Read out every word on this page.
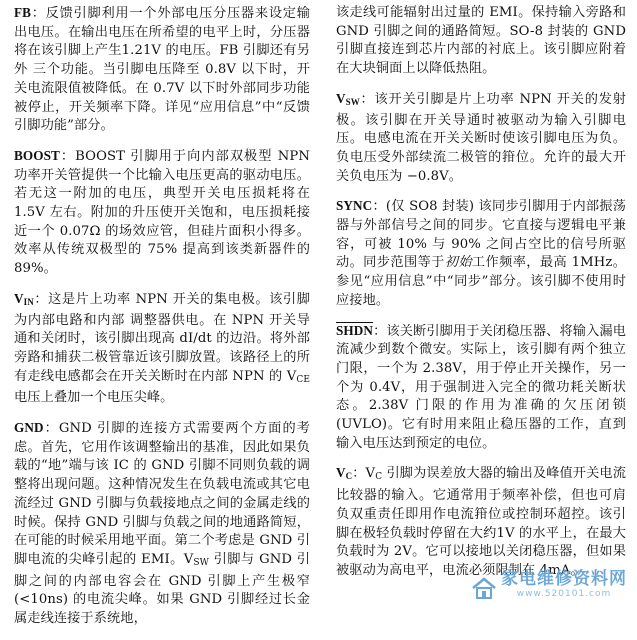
FB：反馈引脚利用一个外部电压分压器来设定输出电压。在输出电压在所希望的电平上时，分压器将在该引脚上产生1.21V 的电压。FB 引脚还有另外 三个功能。当引脚电压降至 0.8V 以下时，开关电流限值被降低。在 0.7V 以下时外部同步功能被停止，开关频率下降。详见“应用信息”中“反馈引脚功能”部分。

BOOST：BOOST 引脚用于向内部双极型 NPN 功率开关管提供一个比输入电压更高的驱动电压。若无这一附加的电压，典型开关电压损耗将在1.5V 左右。附加的升压使开关饱和，电压损耗接近一个 0.07Ω 的场效应管，但硅片面积小得多。效率从传统双极型的 75% 提高到该类新器件的 89%。

$V_{IN}$：这是片上功率 NPN 开关的集电极。该引脚为内部电路和内部 调整器供电。在 NPN 开关导通和关闭时，该引脚出现高 dI/dt 的边沿。将外部旁路和捕获二极管靠近该引脚放置。该路径上的所有走线电感都会在开关关断时在内部 NPN 的 $V_{CE}$ 电压上叠加一个电压尖峰。

GND：GND 引脚的连接方式需要两个方面的考虑。首先，它用作该调整输出的基准，因此如果负载的“地”端与该 IC 的 GND 引脚不同则负载的调整将出现问题。这种情况发生在负载电流或其它电流经过 GND 引脚与负载接地点之间的金属走线的时候。保持 GND 引脚与负载之间的地通路简短，在可能的时候采用地平面。第二个考虑是 GND 引脚电流的尖峰引起的 EMI。$V_{SW}$ 引脚与 GND 引脚之间的内部电容会在 GND 引脚上产生极窄 (<10ns) 的电流尖峰。如果 GND 引脚经过长金属走线连接于系统地，

该走线可能辐射出过量的 EMI。保持输入旁路和 GND 引脚之间的通路简短。SO-8 封装的 GND 引脚直接连到芯片内部的衬底上。该引脚应附着在大块铜面上以降低热阻。

$V_{SW}$：该开关引脚是片上功率 NPN 开关的发射极。该引脚在开关导通时被驱动为输入引脚电压。电感电流在开关关断时使该引脚电压为负。负电压受外部续流二极管的箝位。允许的最大开关负电压为 −0.8V。

SYNC：(仅 SO8 封装) 该同步引脚用于内部振荡器与外部信号之间的同步。它直接与逻辑电平兼容，可被 10% 与 90% 之间占空比的信号所驱动。同步范围等于初始工作频率，最高 1MHz。参见“应用信息”中“同步”部分。该引脚不使用时应接地。

SHDN：该关断引脚用于关闭稳压器、将输入漏电流减少到数个微安。实际上，该引脚有两个独立门限，一个为 2.38V，用于停止开关操作，另一个为 0.4V，用于强制进入完全的微功耗关断状态。2.38V 门限的作用为准确的欠压闭锁 (UVLO)。它有时用来阻止稳压器的工作，直到输入电压达到预定的电位。

$V_C$：$V_C$ 引脚为误差放大器的输出及峰值开关电流比较器的输入。它通常用于频率补偿，但也可肩负双重责任即用作电流箝位或控制环超控。该引脚在极轻负载时停留在大约1V 的水平上，在最大负载时为 2V。它可以接地以关闭稳压器，但如果被驱动为高电平，电流必须限制在 4mA。

家电维修资料网
www.520101.com
